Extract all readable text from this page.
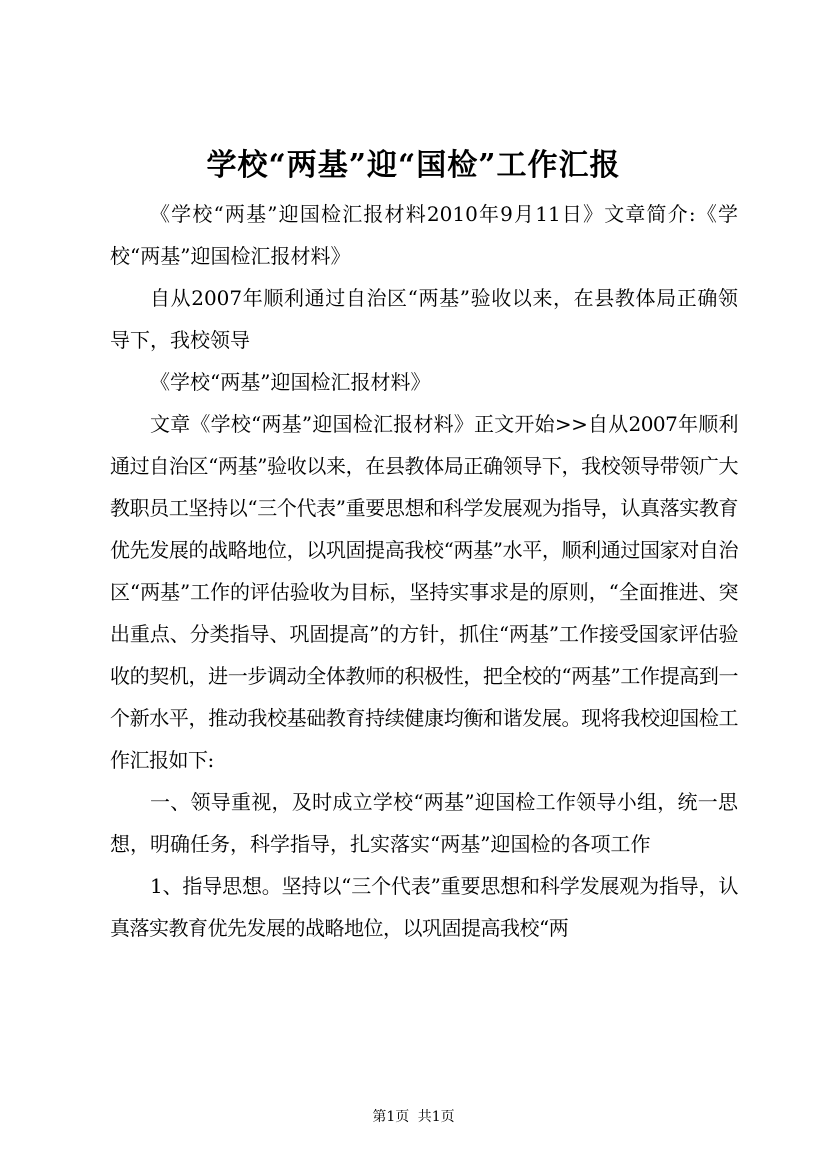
学校“两基”迎“国检”工作汇报

《学校“两基”迎国检汇报材料2010年9月11日》文章简介:《学校“两基”迎国检汇报材料》

自从2007年顺利通过自治区“两基”验收以来，在县教体局正确领导下，我校领导

《学校“两基”迎国检汇报材料》

文章《学校“两基”迎国检汇报材料》正文开始>>自从2007年顺利通过自治区“两基”验收以来，在县教体局正确领导下，我校领导带领广大教职员工坚持以“三个代表”重要思想和科学发展观为指导，认真落实教育优先发展的战略地位，以巩固提高我校“两基”水平，顺利通过国家对自治区“两基”工作的评估验收为目标，坚持实事求是的原则，“全面推进、突出重点、分类指导、巩固提高”的方针，抓住“两基”工作接受国家评估验收的契机，进一步调动全体教师的积极性，把全校的“两基”工作提高到一个新水平，推动我校基础教育持续健康均衡和谐发展。现将我校迎国检工作汇报如下:

一、领导重视，及时成立学校“两基”迎国检工作领导小组，统一思想，明确任务，科学指导，扎实落实“两基”迎国检的各项工作

1、指导思想。坚持以“三个代表”重要思想和科学发展观为指导，认真落实教育优先发展的战略地位，以巩固提高我校“两

第1页 共1页
